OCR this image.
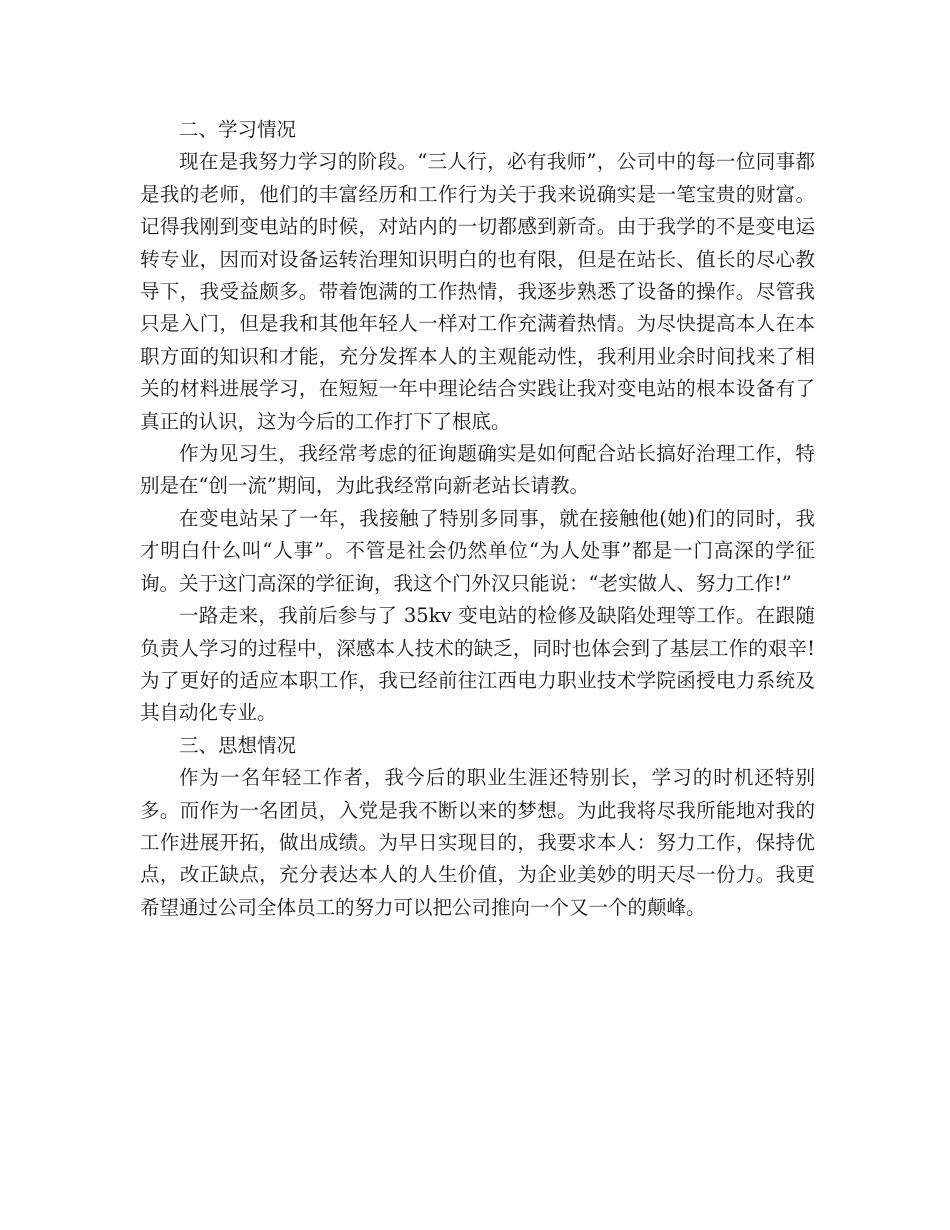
二、学习情况

现在是我努力学习的阶段。“三人行，必有我师”，公司中的每一位同事都是我的老师，他们的丰富经历和工作行为关于我来说确实是一笔宝贵的财富。记得我刚到变电站的时候，对站内的一切都感到新奇。由于我学的不是变电运转专业，因而对设备运转治理知识明白的也有限，但是在站长、值长的尽心教导下，我受益颇多。带着饱满的工作热情，我逐步熟悉了设备的操作。尽管我只是入门，但是我和其他年轻人一样对工作充满着热情。为尽快提高本人在本职方面的知识和才能，充分发挥本人的主观能动性，我利用业余时间找来了相关的材料进展学习，在短短一年中理论结合实践让我对变电站的根本设备有了真正的认识，这为今后的工作打下了根底。

作为见习生，我经常考虑的征询题确实是如何配合站长搞好治理工作，特别是在“创一流”期间，为此我经常向新老站长请教。

在变电站呆了一年，我接触了特别多同事，就在接触他(她)们的同时，我才明白什么叫“人事”。不管是社会仍然单位“为人处事”都是一门高深的学征询。关于这门高深的学征询，我这个门外汉只能说：“老实做人、努力工作!”

一路走来，我前后参与了 35kv 变电站的检修及缺陷处理等工作。在跟随负责人学习的过程中，深感本人技术的缺乏，同时也体会到了基层工作的艰辛!为了更好的适应本职工作，我已经前往江西电力职业技术学院函授电力系统及其自动化专业。

三、思想情况

作为一名年轻工作者，我今后的职业生涯还特别长，学习的时机还特别多。而作为一名团员，入党是我不断以来的梦想。为此我将尽我所能地对我的工作进展开拓，做出成绩。为早日实现目的，我要求本人：努力工作，保持优点，改正缺点，充分表达本人的人生价值，为企业美妙的明天尽一份力。我更希望通过公司全体员工的努力可以把公司推向一个又一个的颠峰。
